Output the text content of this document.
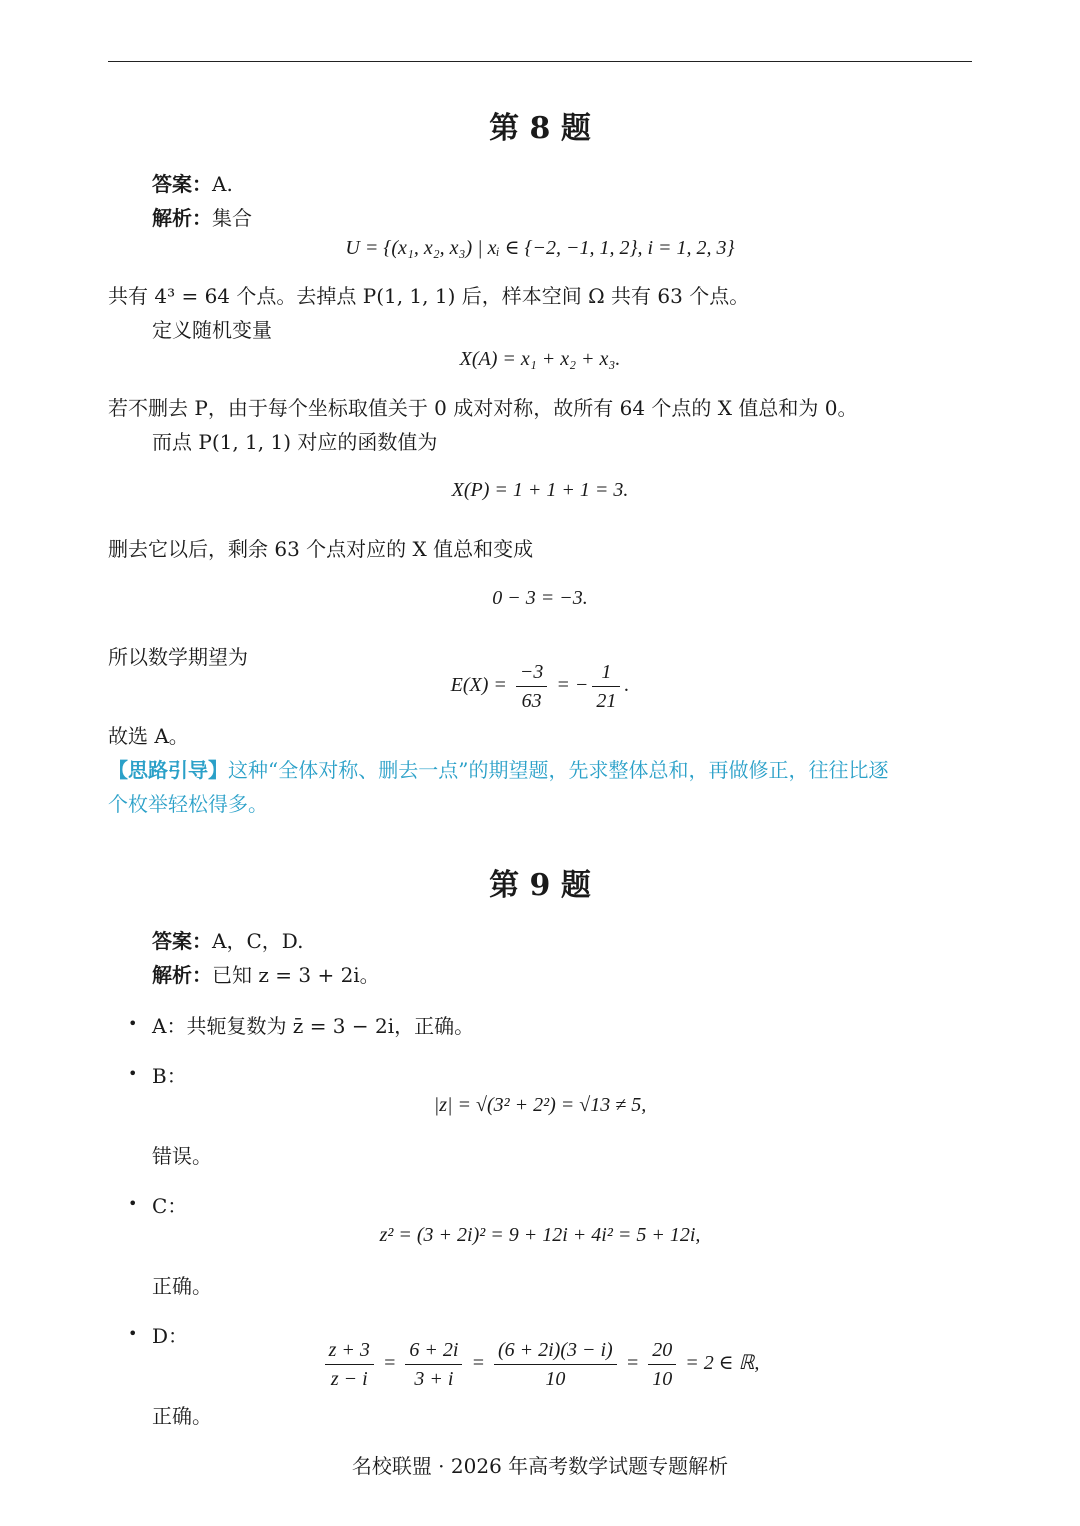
第 8 题
答案：A.
解析：集合
U = {(x₁, x₂, x₃) | xᵢ ∈ {−2, −1, 1, 2}, i = 1, 2, 3}
共有 4³ = 64 个点。去掉点 P(1, 1, 1) 后，样本空间 Ω 共有 63 个点。
定义随机变量
X(A) = x₁ + x₂ + x₃.
若不删去 P，由于每个坐标取值关于 0 成对对称，故所有 64 个点的 X 值总和为 0。
而点 P(1, 1, 1) 对应的函数值为
X(P) = 1 + 1 + 1 = 3.
删去它以后，剩余 63 个点对应的 X 值总和变成
0 − 3 = −3.
所以数学期望为
$E(X) = \frac{-3}{63}$ = − $\frac{1}{21}$ .
故选 A。
【思路引导】这种“全体对称、删去一点”的期望题，先求整体总和，再做修正，往往比逐
个枚举轻松得多。
第 9 题
答案：A，C，D.
解析：已知 z = 3 + 2i。
• A：共轭复数为 z̄ = 3 − 2i，正确。
• B：
|z| = √(3² + 2²) = √13 ≠ 5,
错误。
• C：
z² = (3 + 2i)² = 9 + 12i + 4i² = 5 + 12i,
正确。
• D：	$\frac{z + 3}{z - i} = \frac{6 + 2i}{3 + i} = \frac{(6 + 2i)(3 - i)}{10} = \frac{20}{10} = 2$ ∈ ℝ,
正确。
名校联盟 · 2026 年高考数学试题专题解析
